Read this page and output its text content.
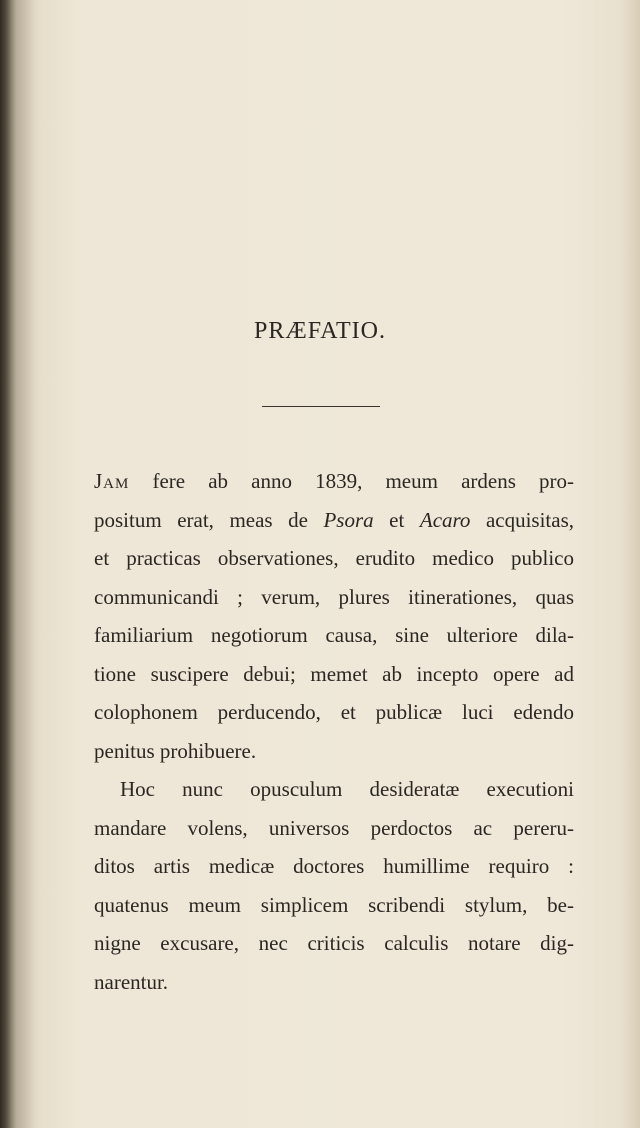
PRÆFATIO.
Jam fere ab anno 1839, meum ardens pro-
positum erat, meas de Psora et Acaro acquisitas,
et practicas observationes, erudito medico publico
communicandi ; verum, plures itinerationes, quas
familiarium negotiorum causa, sine ulteriore dila-
tione suscipere debui; memet ab incepto opere ad
colophonem perducendo, et publicæ luci edendo
penitus prohibuere.
Hoc nunc opusculum desideratæ executioni
mandare volens, universos perdoctos ac pereru-
ditos artis medicæ doctores humillime requiro :
quatenus meum simplicem scribendi stylum, be-
nigne excusare, nec criticis calculis notare dig-
narentur.
